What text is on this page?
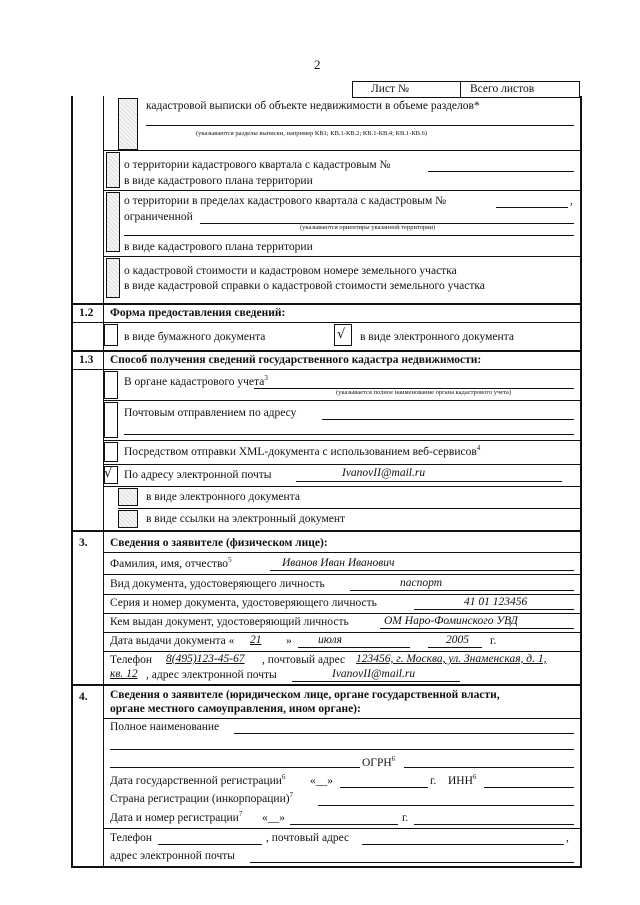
2
Лист №	Всего листов
кадастровой выписки об объекте недвижимости в объеме разделов*
(указываются разделы выписки, например КВ1; КВ.1-КВ.2; КВ.1-КВ.4; КВ.1-КВ.6)
о территории кадастрового квартала с кадастровым №
в виде кадастрового плана территории
о территории в пределах кадастрового квартала с кадастровым №	,
ограниченной
(указываются ориентиры указанной территории)
в виде кадастрового плана территории
о кадастровой стоимости и кадастровом номере земельного участка
в виде кадастровой справки о кадастровой стоимости земельного участка
1.2 Форма предоставления сведений:
в виде бумажного документа	√ в виде электронного документа
1.3 Способ получения сведений государственного кадастра недвижимости:
В органе кадастрового учета$^3$
(указывается полное наименование органа кадастрового учета)
Почтовым отправлением по адресу
Посредством отправки XML-документа с использованием веб-сервисов$^4$
√ По адресу электронной почты	IvanovII@mail.ru
в виде электронного документа
в виде ссылки на электронный документ
3. Сведения о заявителе (физическом лице):
Фамилия, имя, отчество$^5$	Иванов Иван Иванович
Вид документа, удостоверяющего личность	паспорт
Серия и номер документа, удостоверяющего личность	41 01 123456
Кем выдан документ, удостоверяющий личность	ОМ Наро-Фоминского УВД
Дата выдачи документа « 21 » июля	2005 г.
Телефон 8(495)123-45-67 , почтовый адрес 123456, г. Москва, ул. Знаменская, д. 1,
кв. 12 , адрес электронной почты	IvanovII@mail.ru
4. Сведения о заявителе (юридическом лице, органе государственной власти,
органе местного самоуправления, ином органе):
Полное наименование
ОГРН$^6$
Дата государственной регистрации$^6$ «__»	г. ИНН$^6$
Страна регистрации (инкорпорации)$^7$
Дата и номер регистрации$^7$ «__»	г.
Телефон	, почтовый адрес	,
адрес электронной почты
